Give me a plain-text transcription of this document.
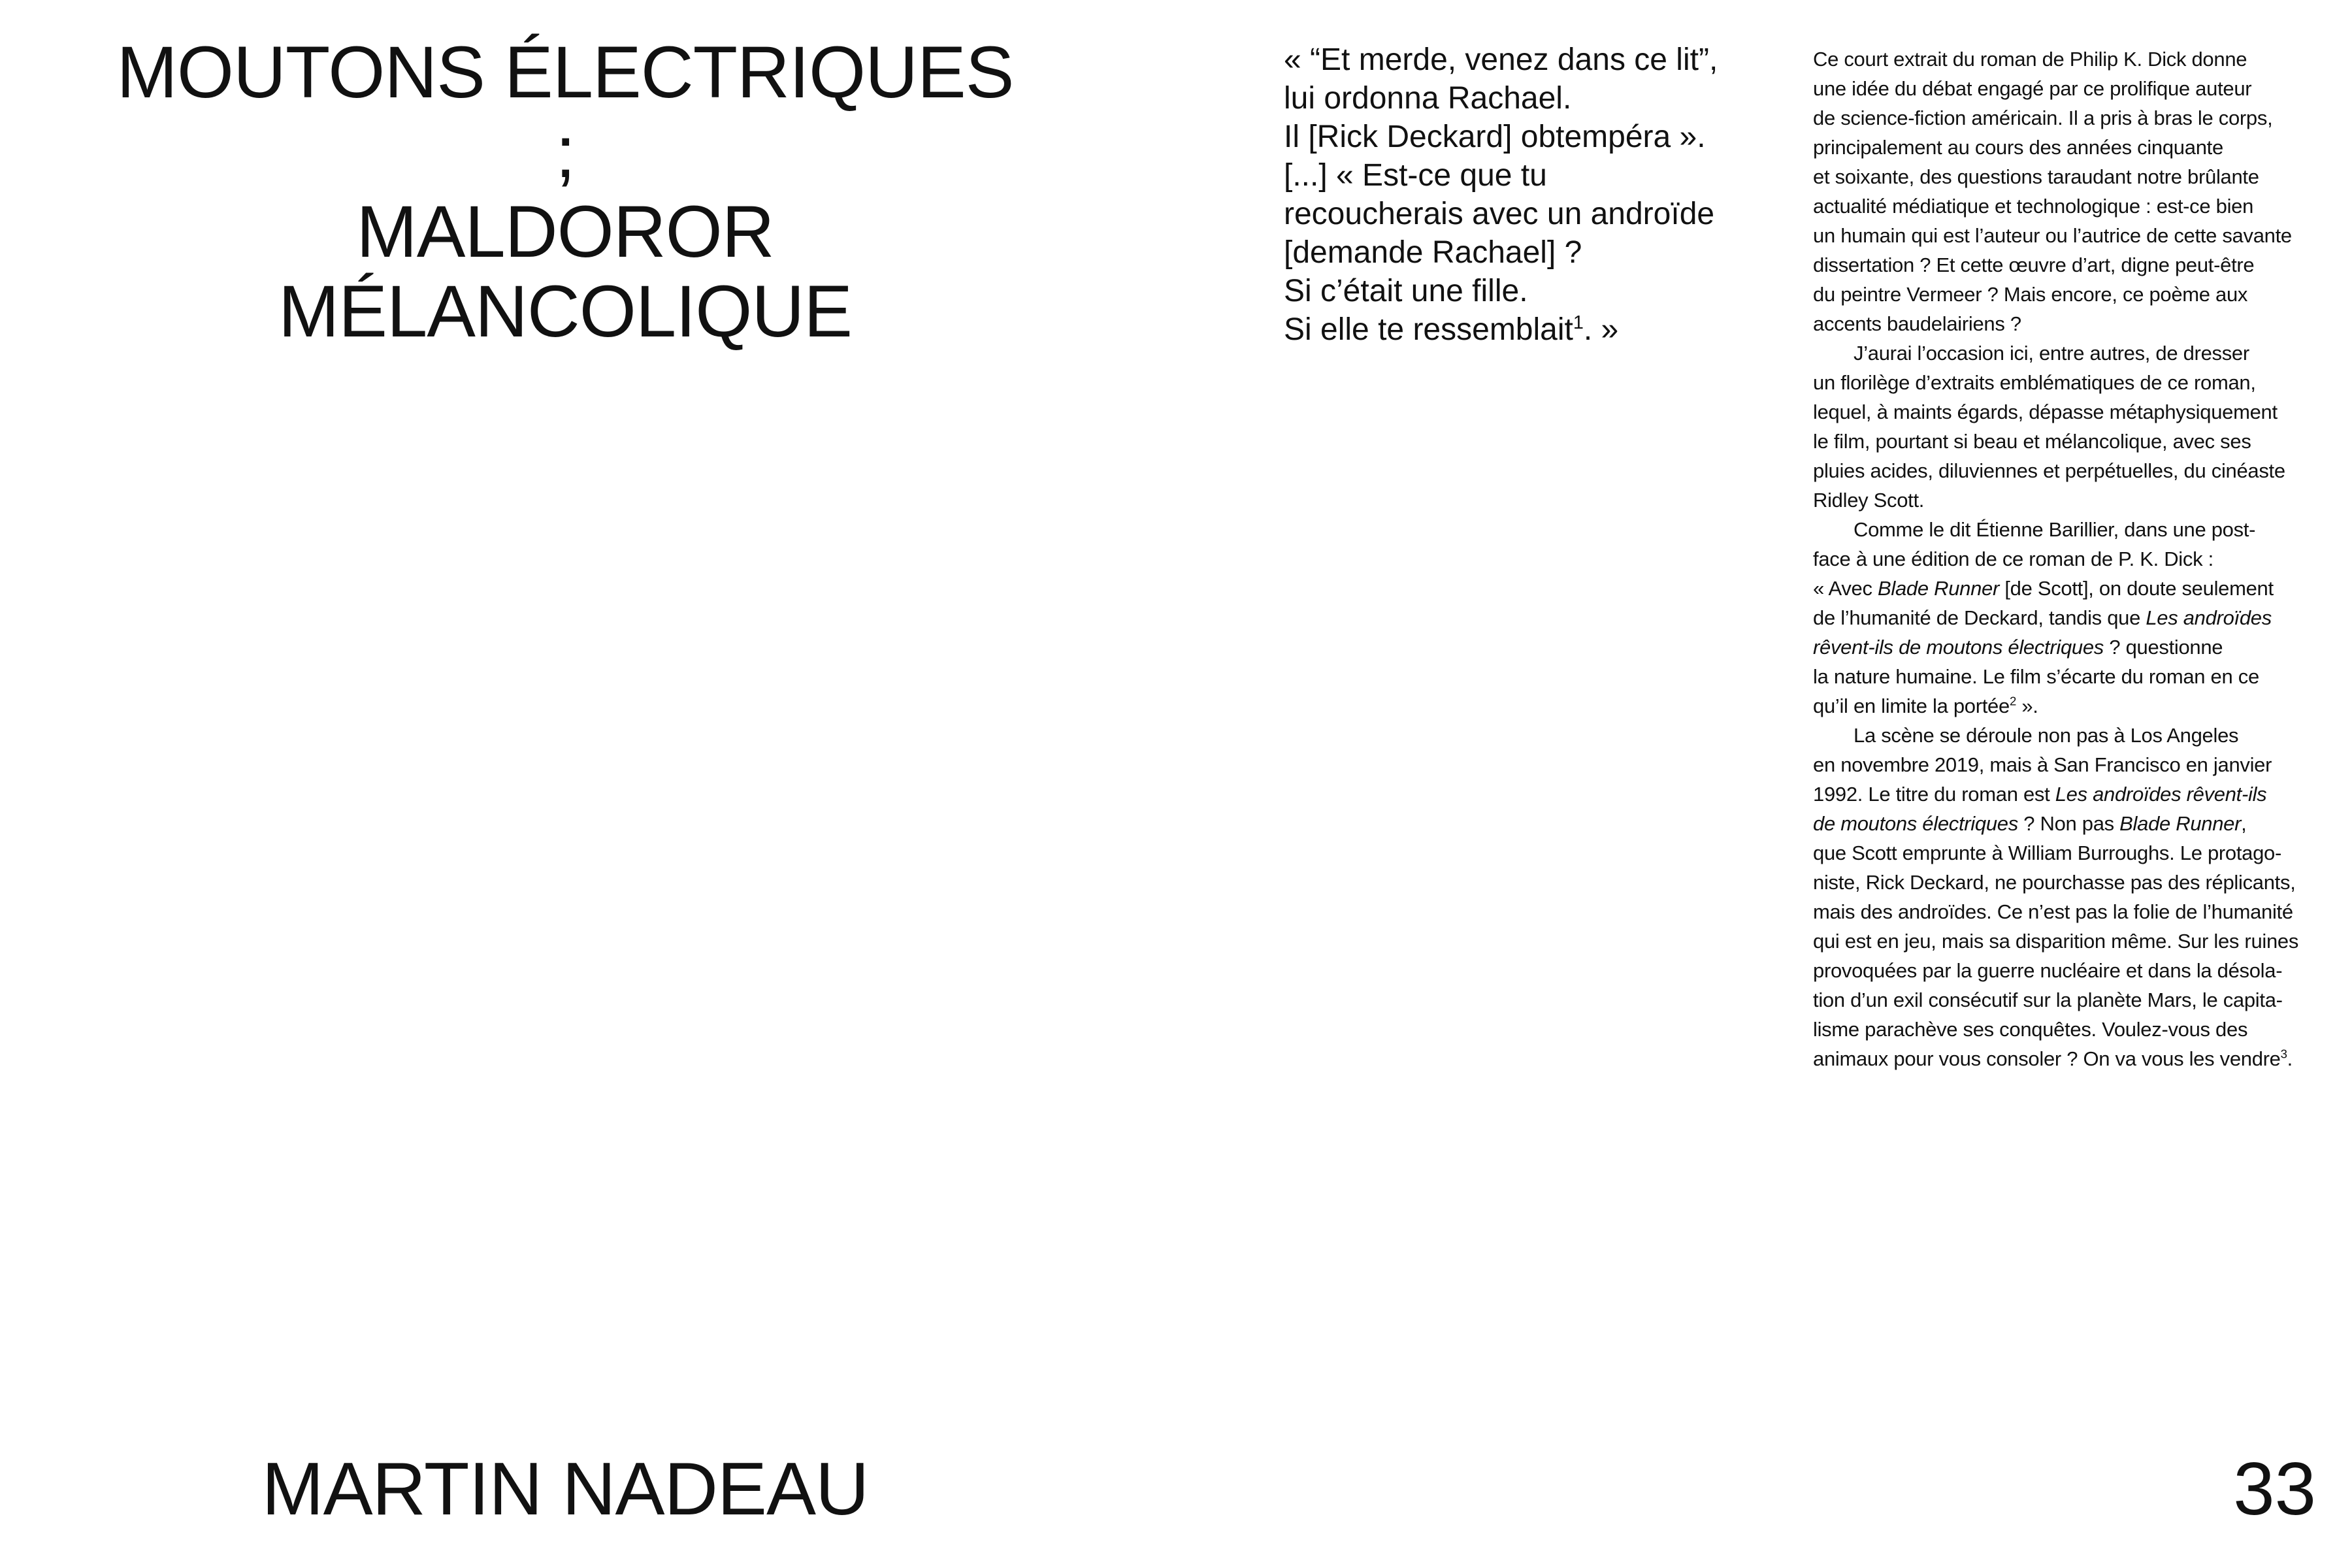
MOUTONS ÉLECTRIQUES
;
MALDOROR
MÉLANCOLIQUE
« “Et merde, venez dans ce lit”,
lui ordonna Rachael.
Il [Rick Deckard] obtempéra ».
[...] « Est-ce que tu
recoucherais avec un androïde
[demande Rachael] ?
Si c’était une fille.
Si elle te ressemblait$^1$. »
Ce court extrait du roman de Philip K. Dick donne
une idée du débat engagé par ce prolifique auteur
de science-fiction américain. Il a pris à bras le corps,
principalement au cours des années cinquante
et soixante, des questions taraudant notre brûlante
actualité médiatique et technologique : est-ce bien
un humain qui est l’auteur ou l’autrice de cette savante
dissertation ? Et cette œuvre d’art, digne peut-être
du peintre Vermeer ? Mais encore, ce poème aux
accents baudelairiens ?
J’aurai l’occasion ici, entre autres, de dresser
un florilège d’extraits emblématiques de ce roman,
lequel, à maints égards, dépasse métaphysiquement
le film, pourtant si beau et mélancolique, avec ses
pluies acides, diluviennes et perpétuelles, du cinéaste
Ridley Scott.
Comme le dit Étienne Barillier, dans une post-
face à une édition de ce roman de P. K. Dick :
« Avec Blade Runner [de Scott], on doute seulement
de l’humanité de Deckard, tandis que Les androïdes
rêvent-ils de moutons électriques ? questionne
la nature humaine. Le film s’écarte du roman en ce
qu’il en limite la portée$^2$ ».
La scène se déroule non pas à Los Angeles
en novembre 2019, mais à San Francisco en janvier
1992. Le titre du roman est Les androïdes rêvent-ils
de moutons électriques ? Non pas Blade Runner,
que Scott emprunte à William Burroughs. Le protago-
niste, Rick Deckard, ne pourchasse pas des réplicants,
mais des androïdes. Ce n’est pas la folie de l’humanité
qui est en jeu, mais sa disparition même. Sur les ruines
provoquées par la guerre nucléaire et dans la désola-
tion d’un exil consécutif sur la planète Mars, le capita-
lisme parachève ses conquêtes. Voulez-vous des
animaux pour vous consoler ? On va vous les vendre$^3$.
MARTIN NADEAU	33
